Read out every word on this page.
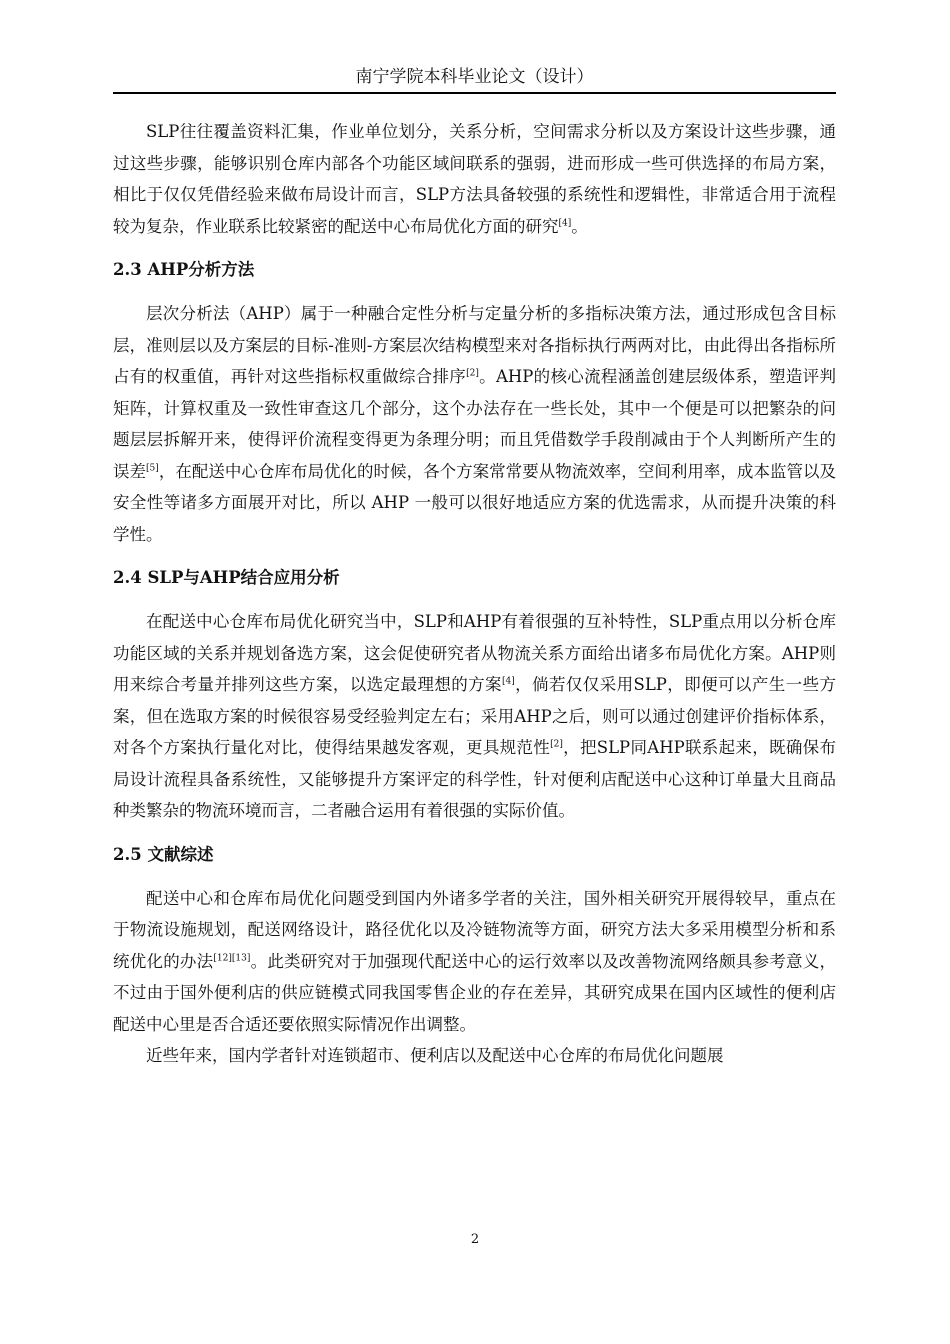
南宁学院本科毕业论文（设计）

SLP往往覆盖资料汇集，作业单位划分，关系分析，空间需求分析以及方案设计这些步骤，通过这些步骤，能够识别仓库内部各个功能区域间联系的强弱，进而形成一些可供选择的布局方案，相比于仅仅凭借经验来做布局设计而言，SLP方法具备较强的系统性和逻辑性，非常适合用于流程较为复杂，作业联系比较紧密的配送中心布局优化方面的研究[4]。

2.3 AHP分析方法

层次分析法（AHP）属于一种融合定性分析与定量分析的多指标决策方法，通过形成包含目标层，准则层以及方案层的目标-准则-方案层次结构模型来对各指标执行两两对比，由此得出各指标所占有的权重值，再针对这些指标权重做综合排序[2]。AHP的核心流程涵盖创建层级体系，塑造评判矩阵，计算权重及一致性审查这几个部分，这个办法存在一些长处，其中一个便是可以把繁杂的问题层层拆解开来，使得评价流程变得更为条理分明；而且凭借数学手段削减由于个人判断所产生的误差[5]，在配送中心仓库布局优化的时候，各个方案常常要从物流效率，空间利用率，成本监管以及安全性等诸多方面展开对比，所以 AHP 一般可以很好地适应方案的优选需求，从而提升决策的科学性。

2.4 SLP与AHP结合应用分析

在配送中心仓库布局优化研究当中，SLP和AHP有着很强的互补特性，SLP重点用以分析仓库功能区域的关系并规划备选方案，这会促使研究者从物流关系方面给出诸多布局优化方案。AHP则用来综合考量并排列这些方案，以选定最理想的方案[4]，倘若仅仅采用SLP，即便可以产生一些方案，但在选取方案的时候很容易受经验判定左右；采用AHP之后，则可以通过创建评价指标体系，对各个方案执行量化对比，使得结果越发客观，更具规范性[2]，把SLP同AHP联系起来，既确保布局设计流程具备系统性，又能够提升方案评定的科学性，针对便利店配送中心这种订单量大且商品种类繁杂的物流环境而言，二者融合运用有着很强的实际价值。

2.5 文献综述

配送中心和仓库布局优化问题受到国内外诸多学者的关注，国外相关研究开展得较早，重点在于物流设施规划，配送网络设计，路径优化以及冷链物流等方面，研究方法大多采用模型分析和系统优化的办法[12][13]。此类研究对于加强现代配送中心的运行效率以及改善物流网络颇具参考意义，不过由于国外便利店的供应链模式同我国零售企业的存在差异，其研究成果在国内区域性的便利店配送中心里是否合适还要依照实际情况作出调整。

近些年来，国内学者针对连锁超市、便利店以及配送中心仓库的布局优化问题展

2
